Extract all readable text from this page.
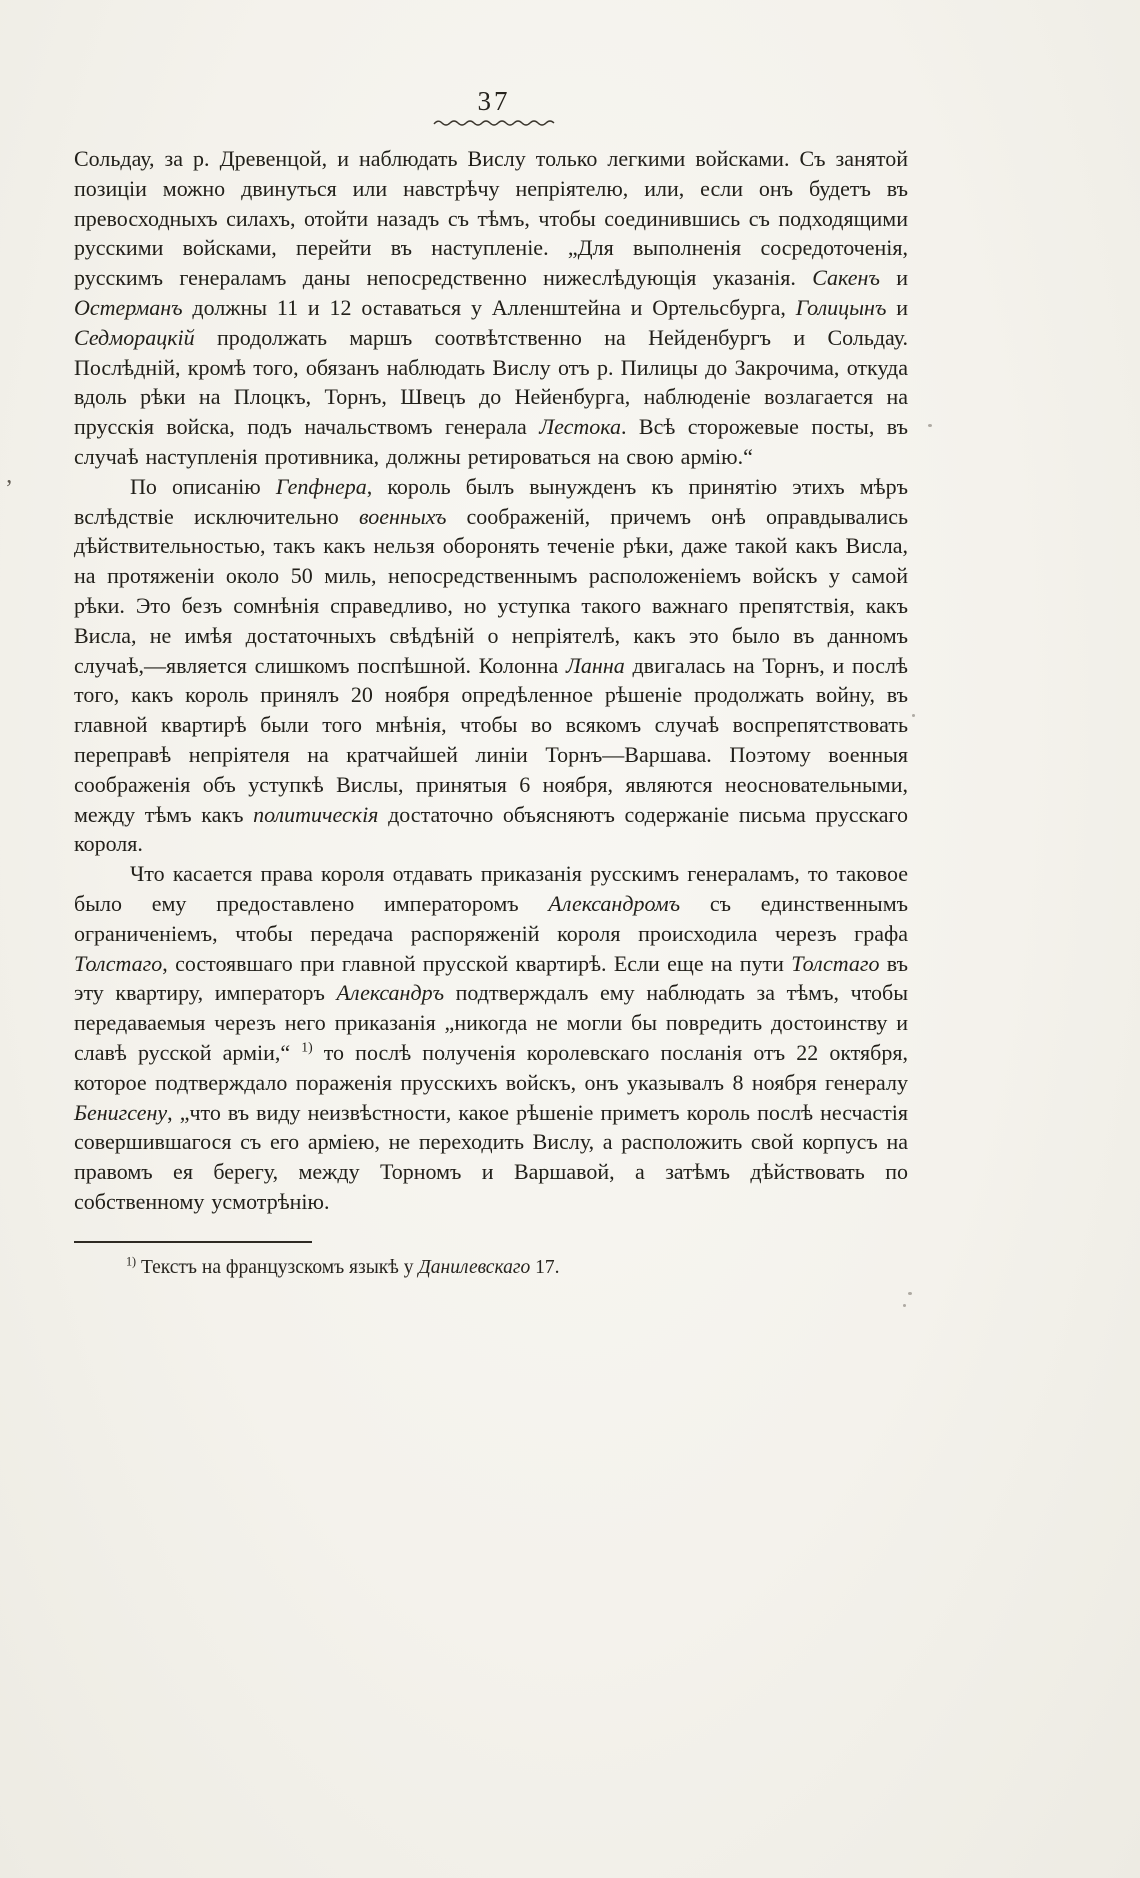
37

Сольдау, за р. Древенцой, и наблюдать Вислу только легкими войсками. Съ занятой позиціи можно двинуться или навстрѣчу непріятелю, или, если онъ будетъ въ превосходныхъ силахъ, отойти назадъ съ тѣмъ, чтобы соединившись съ подходящими русскими войсками, перейти въ наступленіе. „Для выполненія сосредоточенія, русскимъ генераламъ даны непосредственно нижеслѣдующія указанія. Сакенъ и Остерманъ должны 11 и 12 оставаться у Алленштейна и Ортельсбурга, Голицынъ и Седморацкій продолжать маршъ соотвѣтственно на Нейденбургъ и Сольдау. Послѣдній, кромѣ того, обязанъ наблюдать Вислу отъ р. Пилицы до Закрочима, откуда вдоль рѣки на Плоцкъ, Торнъ, Швецъ до Нейенбурга, наблюденіе возлагается на прусскія войска, подъ начальствомъ генерала Лестока. Всѣ сторожевые посты, въ случаѣ наступленія противника, должны ретироваться на свою армію.“

По описанію Гепфнера, король былъ вынужденъ къ принятію этихъ мѣръ вслѣдствіе исключительно военныхъ соображеній, причемъ онѣ оправдывались дѣйствительностью, такъ какъ нельзя оборонять теченіе рѣки, даже такой какъ Висла, на протяженіи около 50 миль, непосредственнымъ расположеніемъ войскъ у самой рѣки. Это безъ сомнѣнія справедливо, но уступка такого важнаго препятствія, какъ Висла, не имѣя достаточныхъ свѣдѣній о непріятелѣ, какъ это было въ данномъ случаѣ,—является слишкомъ поспѣшной. Колонна Ланна двигалась на Торнъ, и послѣ того, какъ король принялъ 20 ноября опредѣленное рѣшеніе продолжать войну, въ главной квартирѣ были того мнѣнія, чтобы во всякомъ случаѣ воспрепятствовать переправѣ непріятеля на кратчайшей линіи Торнъ—Варшава. Поэтому военныя соображенія объ уступкѣ Вислы, принятыя 6 ноября, являются неосновательными, между тѣмъ какъ политическія достаточно объясняютъ содержаніе письма прусскаго короля.

Что касается права короля отдавать приказанія русскимъ генераламъ, то таковое было ему предоставлено императоромъ Александромъ съ единственнымъ ограниченіемъ, чтобы передача распоряженій короля происходила черезъ графа Толстаго, состоявшаго при главной прусской квартирѣ. Если еще на пути Толстаго въ эту квартиру, императоръ Александръ подтверждалъ ему наблюдать за тѣмъ, чтобы передаваемыя черезъ него приказанія „никогда не могли бы повредить достоинству и славѣ русской арміи,“ $^{1)}$ то послѣ полученія королевскаго посланія отъ 22 октября, которое подтверждало пораженія прусскихъ войскъ, онъ указывалъ 8 ноября генералу Бенигсену, „что въ виду неизвѣстности, какое рѣшеніе приметъ король послѣ несчастія совершившагося съ его арміею, не переходить Вислу, а расположить свой корпусъ на правомъ ея берегу, между Торномъ и Варшавой, а затѣмъ дѣйствовать по собственному усмотрѣнію.

$^{1)}$ Текстъ на французскомъ языкѣ у Данилевскаго 17.
’
